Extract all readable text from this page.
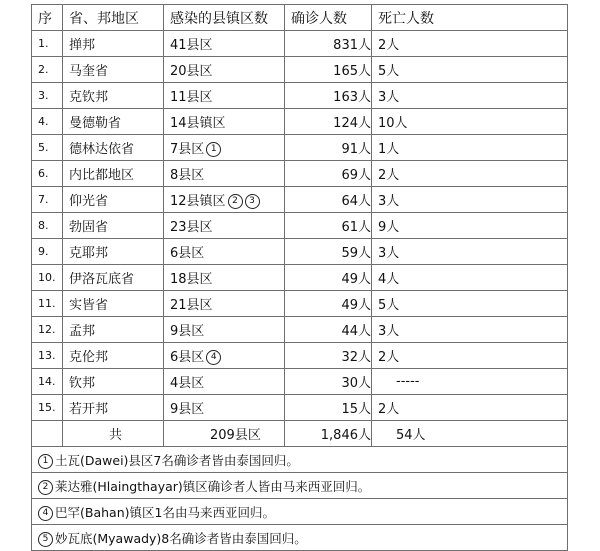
序	省、邦地区	感染的县镇区数	确诊人数	死亡人数
1.	掸邦	41县区	831人	2人
2.	马奎省	20县区	165人	5人
3.	克钦邦	11县区	163人	3人
4.	曼德勒省	14县镇区	124人	10人
5.	德林达依省	7县区 1	91人	1人
6.	内比都地区	8县区	69人	2人
7.	仰光省	12县镇区 2 3	64人	3人
8.	勃固省	23县区	61人	9人
9.	克耶邦	6县区	59人	3人
10.	伊洛瓦底省	18县区	49人	4人
11.	实皆省	21县区	49人	5人
12.	孟邦	9县区	44人	3人
13.	克伦邦	6县区 4	32人	2人
14.	钦邦	4县区	30人	-----
15.	若开邦	9县区	15人	2人
	共	209县区	1,846人	54人
1 土瓦(Dawei)县区7名确诊者皆由泰国回归。				
2 莱达雅(Hlaingthayar)镇区确诊者人皆由马来西亚回归。				
4 巴罕(Bahan)镇区1名由马来西亚回归。				
5 妙瓦底(Myawady)8名确诊者皆由泰国回归。				
